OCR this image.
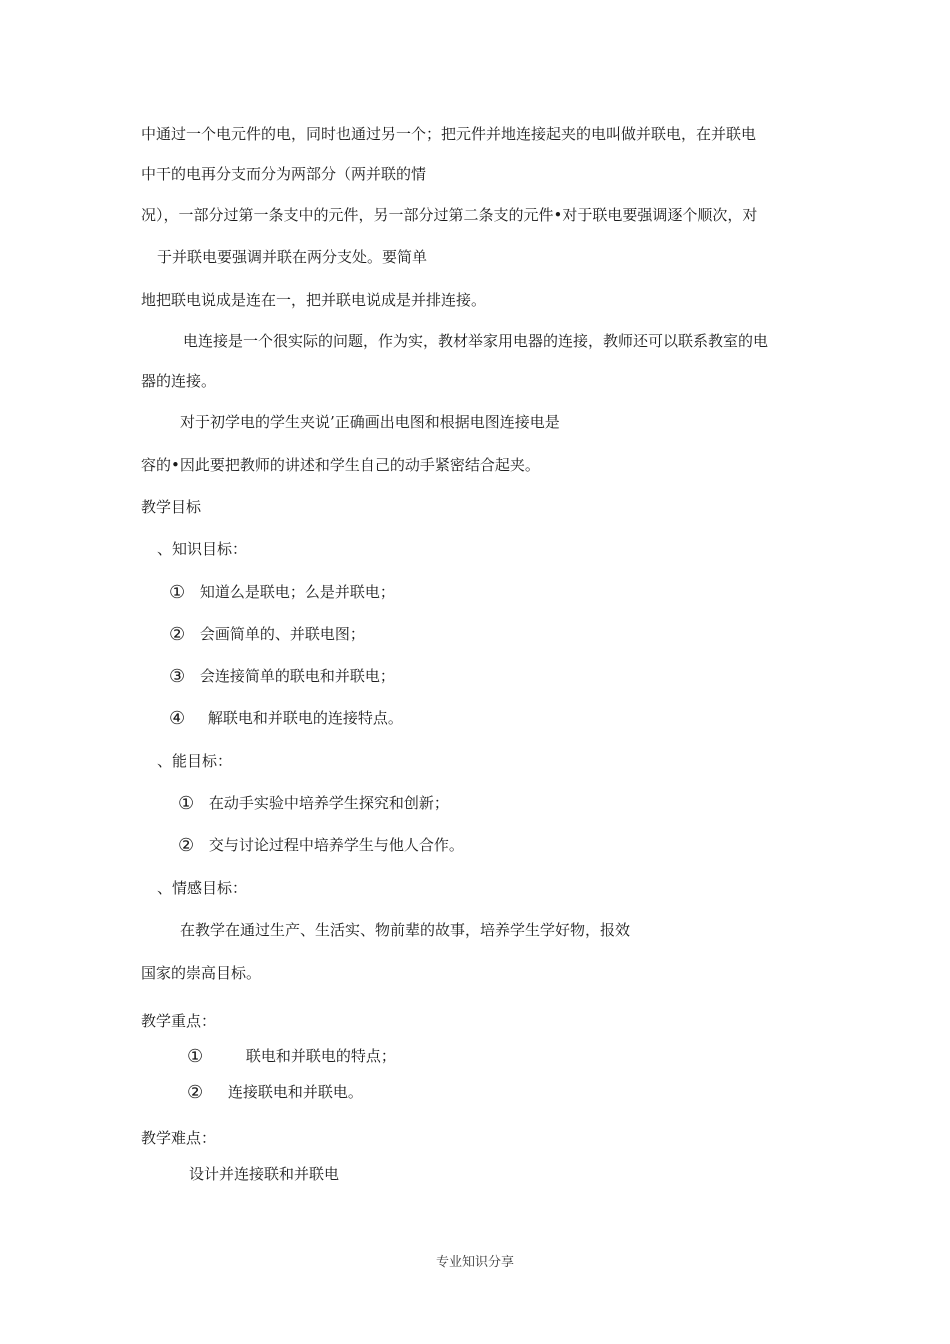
中通过一个电元件的电，同时也通过另一个；把元件并地连接起夹的电叫做并联电，在并联电
中干的电再分支而分为两部分（两并联的情
况），一部分过第一条支中的元件，另一部分过第二条支的元件•对于联电要强调逐个顺次，对
于并联电要强调并联在两分支处。要简单
地把联电说成是连在一，把并联电说成是并排连接。
电连接是一个很实际的问题，作为实，教材举家用电器的连接，教师还可以联系教室的电
器的连接。
对于初学电的学生夹说’正确画出电图和根据电图连接电是
容的•因此要把教师的讲述和学生自己的动手紧密结合起夹。
教学目标
、知识目标：
① 知道么是联电；么是并联电；
② 会画简单的、并联电图；
③ 会连接简单的联电和并联电；
④ 解联电和并联电的连接特点。
、能目标：
① 在动手实验中培养学生探究和创新；
② 交与讨论过程中培养学生与他人合作。
、情感目标：
在教学在通过生产、生活实、物前辈的故事，培养学生学好物，报效
国家的崇高目标。
教学重点：
①	联电和并联电的特点；
② 连接联电和并联电。
教学难点：
设计并连接联和并联电
专业知识分享
